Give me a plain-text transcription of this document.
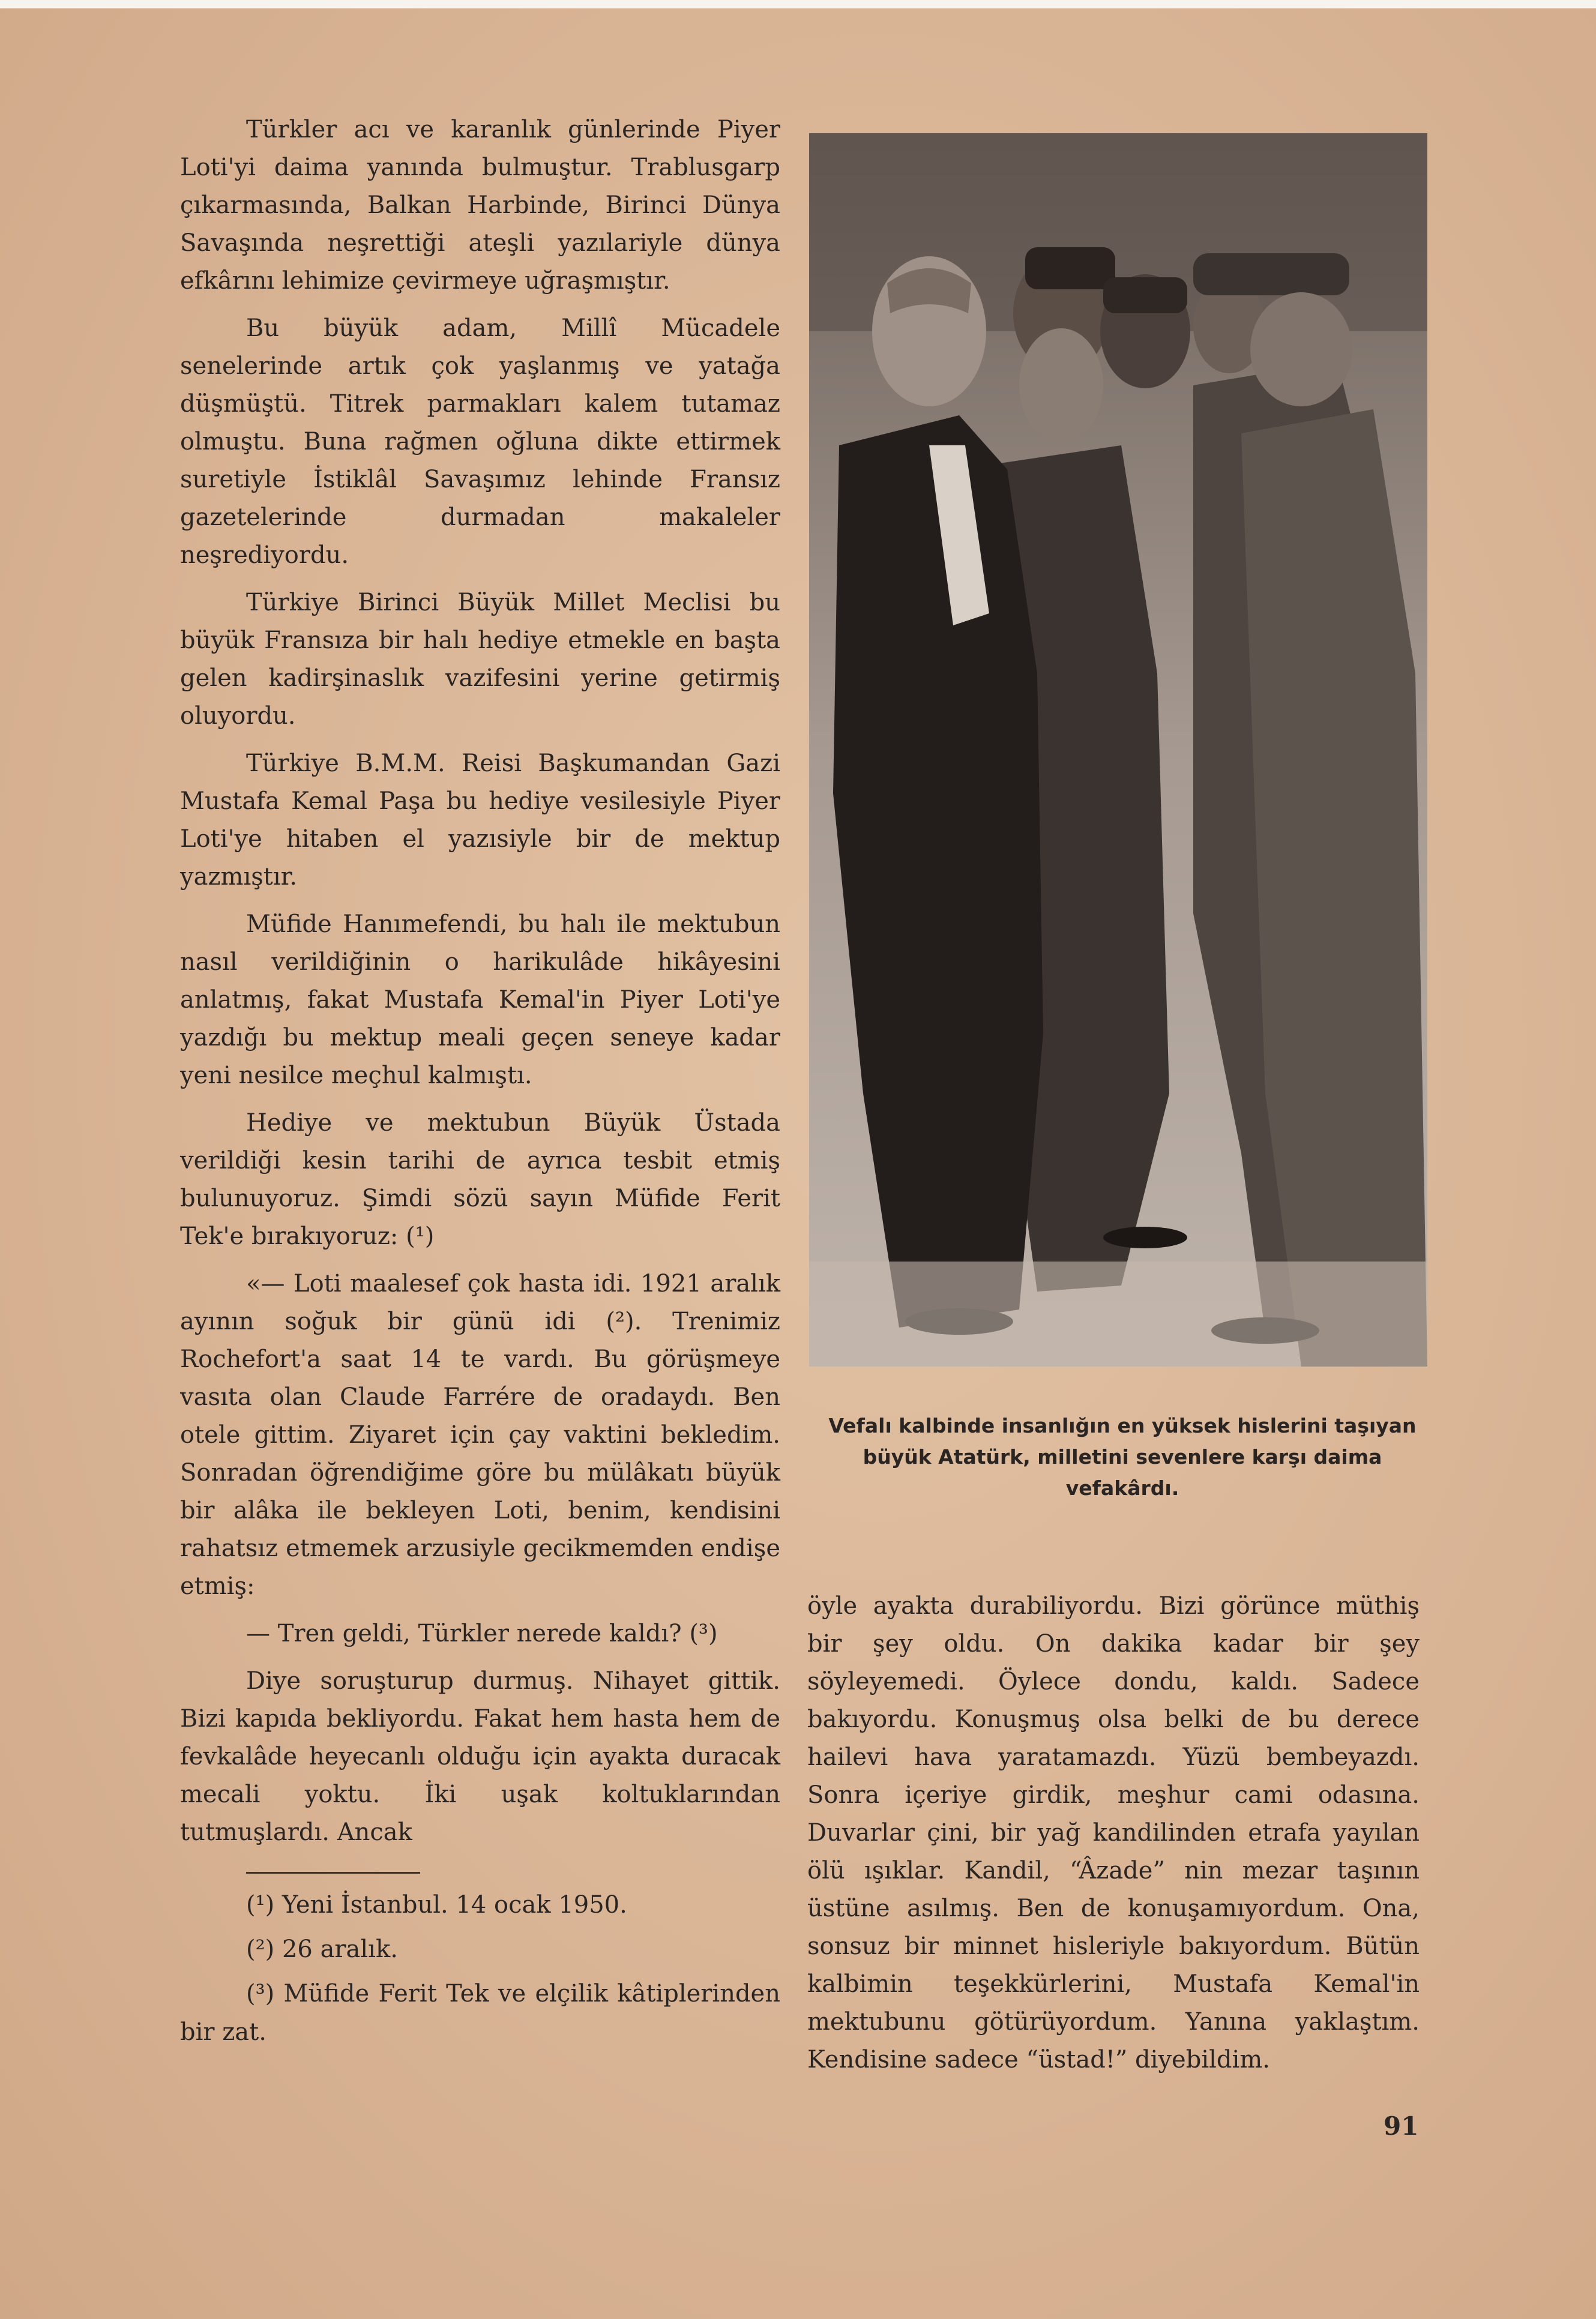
Türkler acı ve karanlık günlerinde Piyer Loti'yi daima yanında bulmuştur. Trablusgarp çıkarmasında, Balkan Harbinde, Birinci Dünya Savaşında neşrettiği ateşli yazılariyle dünya efkârını lehimize çevirmeye uğraşmıştır.

Bu büyük adam, Millî Mücadele senelerinde artık çok yaşlanmış ve yatağa düşmüştü. Titrek parmakları kalem tutamaz olmuştu. Buna rağmen oğluna dikte ettirmek suretiyle İstiklâl Savaşımız lehinde Fransız gazetelerinde durmadan makaleler neşrediyordu.

Türkiye Birinci Büyük Millet Meclisi bu büyük Fransıza bir halı hediye etmekle en başta gelen kadirşinaslık vazifesini yerine getirmiş oluyordu.

Türkiye B.M.M. Reisi Başkumandan Gazi Mustafa Kemal Paşa bu hediye vesilesiyle Piyer Loti'ye hitaben el yazısiyle bir de mektup yazmıştır.

Müfide Hanımefendi, bu halı ile mektubun nasıl verildiğinin o harikulâde hikâyesini anlatmış, fakat Mustafa Kemal'in Piyer Loti'ye yazdığı bu mektup meali geçen seneye kadar yeni nesilce meçhul kalmıştı.

Hediye ve mektubun Büyük Üstada verildiği kesin tarihi de ayrıca tesbit etmiş bulunuyoruz. Şimdi sözü sayın Müfide Ferit Tek'e bırakıyoruz: (¹)

«— Loti maalesef çok hasta idi. 1921 aralık ayının soğuk bir günü idi (²). Trenimiz Rochefort'a saat 14 te vardı. Bu görüşmeye vasıta olan Claude Farrére de oradaydı. Ben otele gittim. Ziyaret için çay vaktini bekledim. Sonradan öğrendiğime göre bu mülâkatı büyük bir alâka ile bekleyen Loti, benim, kendisini rahatsız etmemek arzusiyle gecikmemden endişe etmiş:

— Tren geldi, Türkler nerede kaldı? (³)

Diye soruşturup durmuş. Nihayet gittik. Bizi kapıda bekliyordu. Fakat hem hasta hem de fevkalâde heyecanlı olduğu için ayakta duracak mecali yoktu. İki uşak koltuklarından tutmuşlardı. Ancak

(¹) Yeni İstanbul. 14 ocak 1950.

(²) 26 aralık.

(³) Müfide Ferit Tek ve elçilik kâtiplerinden bir zat.

Vefalı kalbinde insanlığın en yüksek hislerini taşıyan büyük Atatürk, milletini sevenlere karşı daima vefakârdı.

öyle ayakta durabiliyordu. Bizi görünce müthiş bir şey oldu. On dakika kadar bir şey söyleyemedi. Öylece dondu, kaldı. Sadece bakıyordu. Konuşmuş olsa belki de bu derece hailevi hava yaratamazdı. Yüzü bembeyazdı. Sonra içeriye girdik, meşhur cami odasına. Duvarlar çini, bir yağ kandilinden etrafa yayılan ölü ışıklar. Kandil, “Âzade” nin mezar taşının üstüne asılmış. Ben de konuşamıyordum. Ona, sonsuz bir minnet hisleriyle bakıyordum. Bütün kalbimin teşekkürlerini, Mustafa Kemal'in mektubunu götürüyordum. Yanına yaklaştım. Kendisine sadece “üstad!” diyebildim.

91
